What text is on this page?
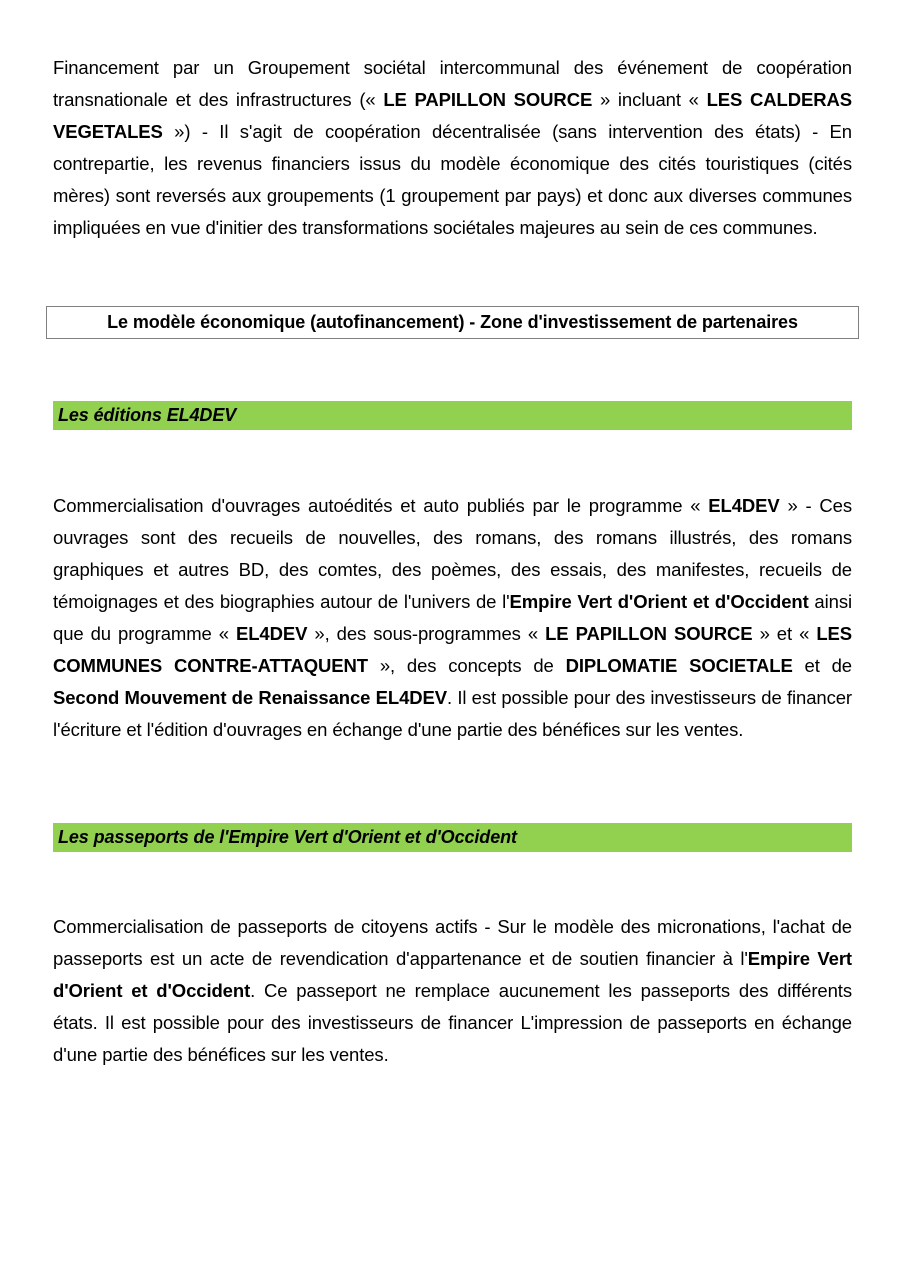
Financement par un Groupement sociétal intercommunal des événement de coopération transnationale et des infrastructures (« LE PAPILLON SOURCE » incluant « LES CALDERAS VEGETALES ») - Il s'agit de coopération décentralisée (sans intervention des états) - En contrepartie, les revenus financiers issus du modèle économique des cités touristiques (cités mères) sont reversés aux groupements (1 groupement par pays) et donc aux diverses communes impliquées en vue d'initier des transformations sociétales majeures au sein de ces communes.

Le modèle économique (autofinancement) - Zone d'investissement de partenaires
Les éditions EL4DEV

Commercialisation d'ouvrages autoédités et auto publiés par le programme « EL4DEV » - Ces ouvrages sont des recueils de nouvelles, des romans, des romans illustrés, des romans graphiques et autres BD, des comtes, des poèmes, des essais, des manifestes, recueils de témoignages et des biographies autour de l'univers de l'Empire Vert d'Orient et d'Occident ainsi que du programme « EL4DEV », des sous-programmes « LE PAPILLON SOURCE » et « LES COMMUNES CONTRE-ATTAQUENT », des concepts de DIPLOMATIE SOCIETALE et de Second Mouvement de Renaissance EL4DEV. Il est possible pour des investisseurs de financer l'écriture et l'édition d'ouvrages en échange d'une partie des bénéfices sur les ventes.

Les passeports de l'Empire Vert d'Orient et d'Occident

Commercialisation de passeports de citoyens actifs - Sur le modèle des micronations, l'achat de passeports est un acte de revendication d'appartenance et de soutien financier à l'Empire Vert d'Orient et d'Occident. Ce passeport ne remplace aucunement les passeports des différents états. Il est possible pour des investisseurs de financer L'impression de passeports en échange d'une partie des bénéfices sur les ventes.
